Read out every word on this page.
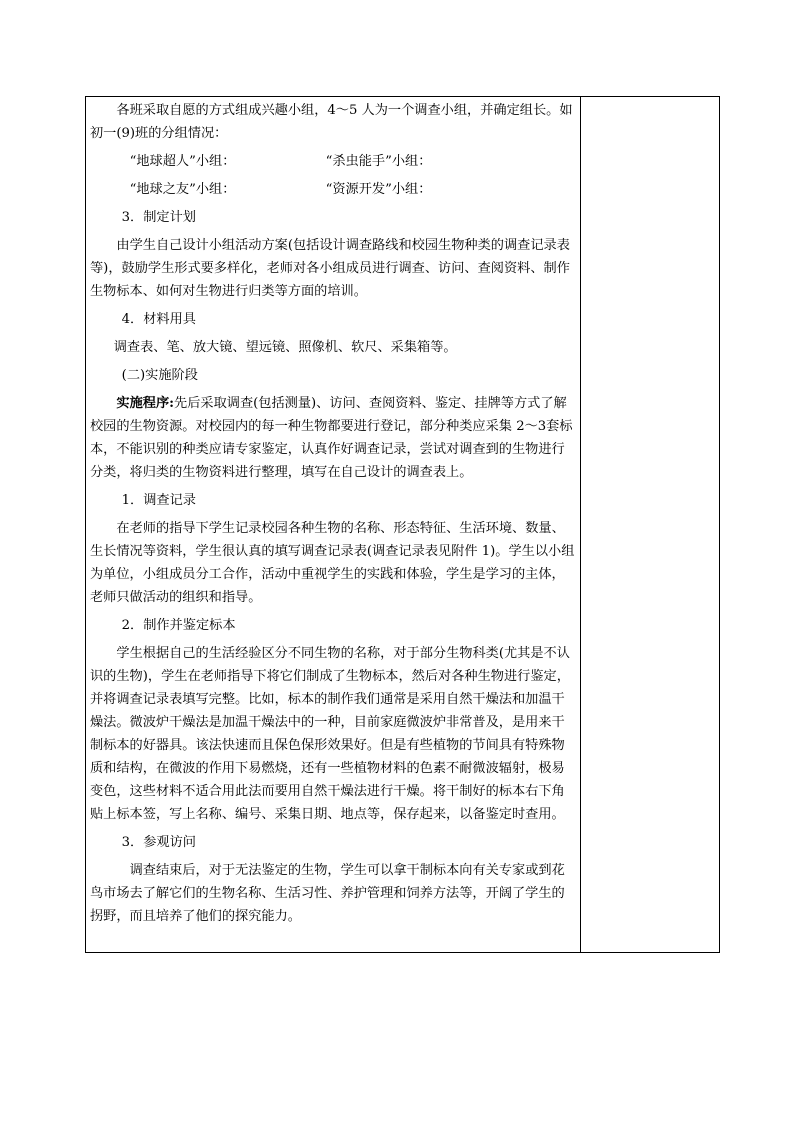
各班采取自愿的方式组成兴趣小组，4～5 人为一个调查小组，并确定组长。如初一(9)班的分组情况：

“地球超人”小组：	“杀虫能手”小组：

“地球之友”小组：	“资源开发”小组：

3．制定计划

由学生自己设计小组活动方案(包括设计调查路线和校园生物种类的调查记录表等)，鼓励学生形式要多样化，老师对各小组成员进行调查、访问、查阅资料、制作生物标本、如何对生物进行归类等方面的培训。

4．材料用具

调查表、笔、放大镜、望远镜、照像机、软尺、采集箱等。

(二)实施阶段

实施程序:先后采取调查(包括测量)、访问、查阅资料、鉴定、挂牌等方式了解校园的生物资源。对校园内的每一种生物都要进行登记，部分种类应采集 2～3套标本，不能识别的种类应请专家鉴定，认真作好调查记录，尝试对调查到的生物进行分类，将归类的生物资料进行整理，填写在自己设计的调查表上。

1．调查记录

在老师的指导下学生记录校园各种生物的名称、形态特征、生活环境、数量、生长情况等资料，学生很认真的填写调查记录表(调查记录表见附件 1)。学生以小组为单位，小组成员分工合作，活动中重视学生的实践和体验，学生是学习的主体，老师只做活动的组织和指导。

2．制作并鉴定标本

学生根据自己的生活经验区分不同生物的名称，对于部分生物科类(尤其是不认识的生物)，学生在老师指导下将它们制成了生物标本，然后对各种生物进行鉴定，并将调查记录表填写完整。比如，标本的制作我们通常是采用自然干燥法和加温干燥法。微波炉干燥法是加温干燥法中的一种，目前家庭微波炉非常普及，是用来干制标本的好器具。该法快速而且保色保形效果好。但是有些植物的节间具有特殊物质和结构，在微波的作用下易燃烧，还有一些植物材料的色素不耐微波辐射，极易变色，这些材料不适合用此法而要用自然干燥法进行干燥。将干制好的标本右下角贴上标本签，写上名称、编号、采集日期、地点等，保存起来，以备鉴定时查用。

3．参观访问

调查结束后，对于无法鉴定的生物，学生可以拿干制标本向有关专家或到花鸟市场去了解它们的生物名称、生活习性、养护管理和饲养方法等，开阔了学生的拐野，而且培养了他们的探究能力。
